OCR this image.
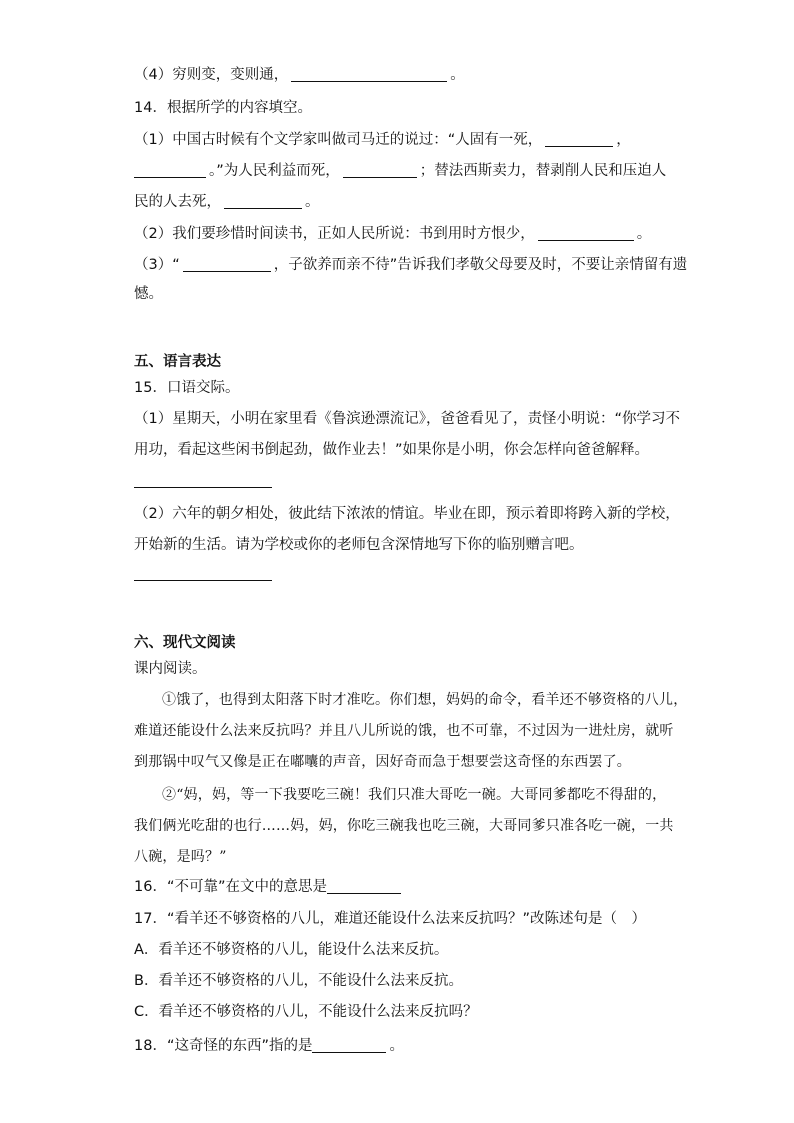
（4）穷则变，变则通，	。
14．根据所学的内容填空。
（1）中国古时候有个文学家叫做司马迁的说过：“人固有一死，	，
。”为人民利益而死，	；替法西斯卖力，替剥削人民和压迫人
民的人去死，	。
（2）我们要珍惜时间读书，正如人民所说：书到用时方恨少，	。
（3）“	，子欲养而亲不待”告诉我们孝敬父母要及时，不要让亲情留有遗
憾。
五、语言表达
15．口语交际。
（1）星期天，小明在家里看《鲁滨逊漂流记》，爸爸看见了，责怪小明说：“你学习不
用功，看起这些闲书倒起劲，做作业去！”如果你是小明，你会怎样向爸爸解释。
（2）六年的朝夕相处，彼此结下浓浓的情谊。毕业在即，预示着即将跨入新的学校，
开始新的生活。请为学校或你的老师包含深情地写下你的临别赠言吧。
六、现代文阅读
课内阅读。
①饿了，也得到太阳落下时才准吃。你们想，妈妈的命令，看羊还不够资格的八儿，
难道还能设什么法来反抗吗？并且八儿所说的饿，也不可靠，不过因为一进灶房，就听
到那锅中叹气又像是正在嘟囔的声音，因好奇而急于想要尝这奇怪的东西罢了。
②“妈，妈，等一下我要吃三碗！我们只准大哥吃一碗。大哥同爹都吃不得甜的，
我们俩光吃甜的也行……妈，妈，你吃三碗我也吃三碗，大哥同爹只准各吃一碗，一共
八碗，是吗？”
16．“不可靠”在文中的意思是
17．“看羊还不够资格的八儿，难道还能设什么法来反抗吗？”改陈述句是（　）
A．看羊还不够资格的八儿，能设什么法来反抗。
B．看羊还不够资格的八儿，不能设什么法来反抗。
C．看羊还不够资格的八儿，不能设什么法来反抗吗？
18．“这奇怪的东西”指的是	。
